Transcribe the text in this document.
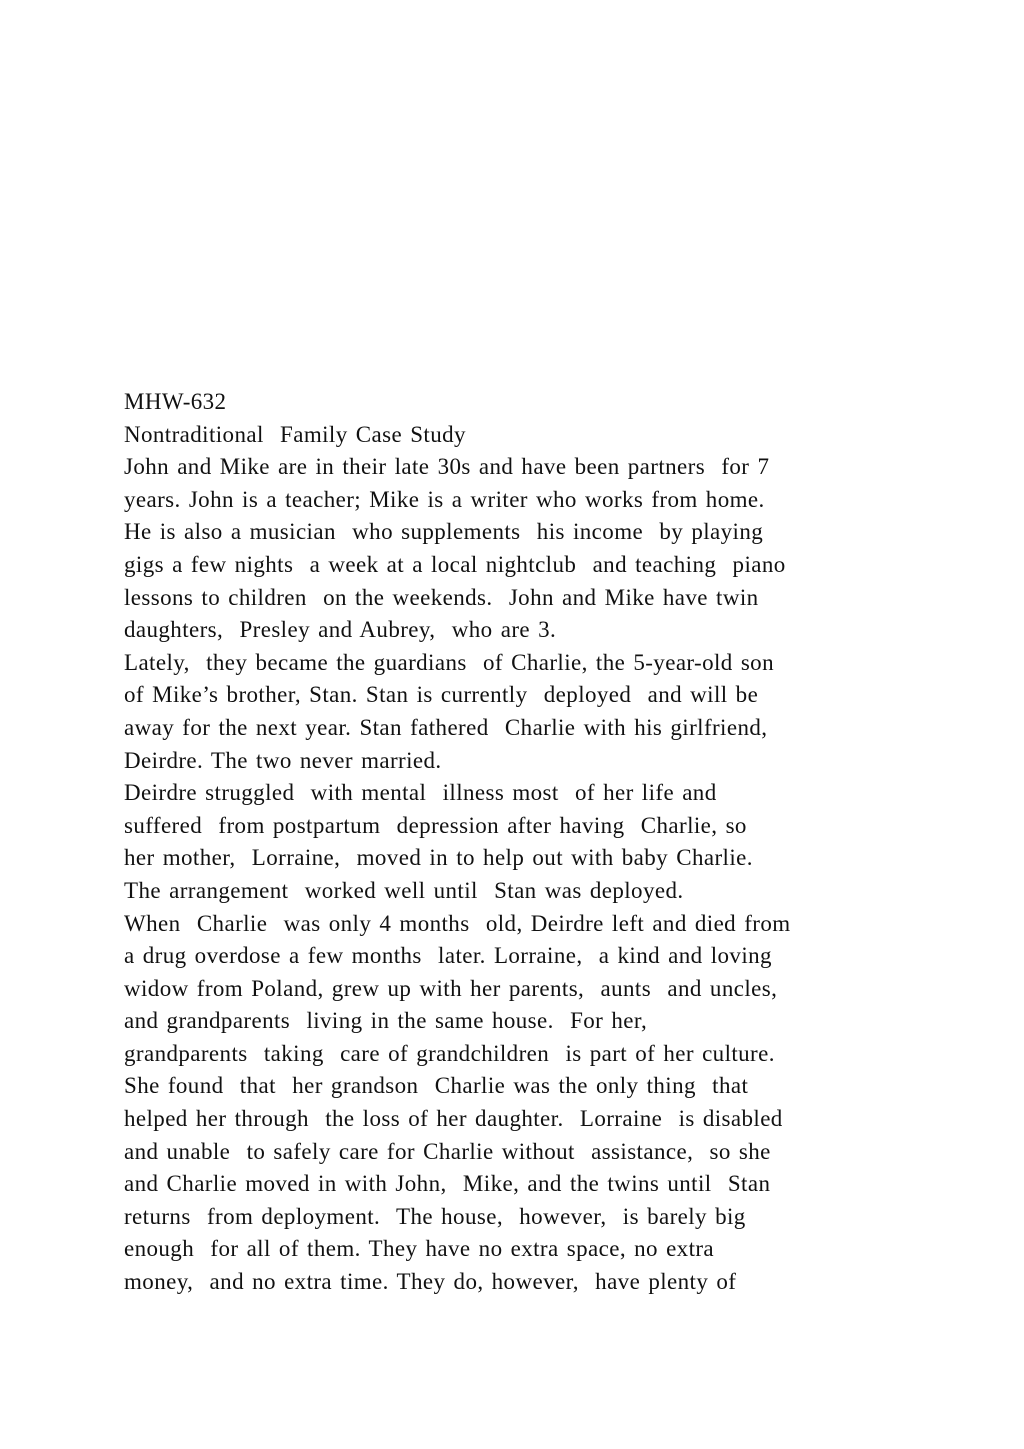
MHW-632
Nontraditional  Family Case Study
John and Mike are in their late 30s and have been partners  for 7
years. John is a teacher; Mike is a writer who works from home.
He is also a musician  who supplements  his income  by playing
gigs a few nights  a week at a local nightclub  and teaching  piano
lessons to children  on the weekends.  John and Mike have twin
daughters,  Presley and Aubrey,  who are 3.
Lately,  they became the guardians  of Charlie, the 5-year-old son
of Mike’s brother, Stan. Stan is currently  deployed  and will be
away for the next year. Stan fathered  Charlie with his girlfriend,
Deirdre. The two never married.
Deirdre struggled  with mental  illness most  of her life and
suffered  from postpartum  depression after having  Charlie, so
her mother,  Lorraine,  moved in to help out with baby Charlie.
The arrangement  worked well until  Stan was deployed.
When  Charlie  was only 4 months  old, Deirdre left and died from
a drug overdose a few months  later. Lorraine,  a kind and loving
widow from Poland, grew up with her parents,  aunts  and uncles,
and grandparents  living in the same house.  For her,
grandparents  taking  care of grandchildren  is part of her culture.
She found  that  her grandson  Charlie was the only thing  that
helped her through  the loss of her daughter.  Lorraine  is disabled
and unable  to safely care for Charlie without  assistance,  so she
and Charlie moved in with John,  Mike, and the twins until  Stan
returns  from deployment.  The house,  however,  is barely big
enough  for all of them. They have no extra space, no extra
money,  and no extra time. They do, however,  have plenty of
